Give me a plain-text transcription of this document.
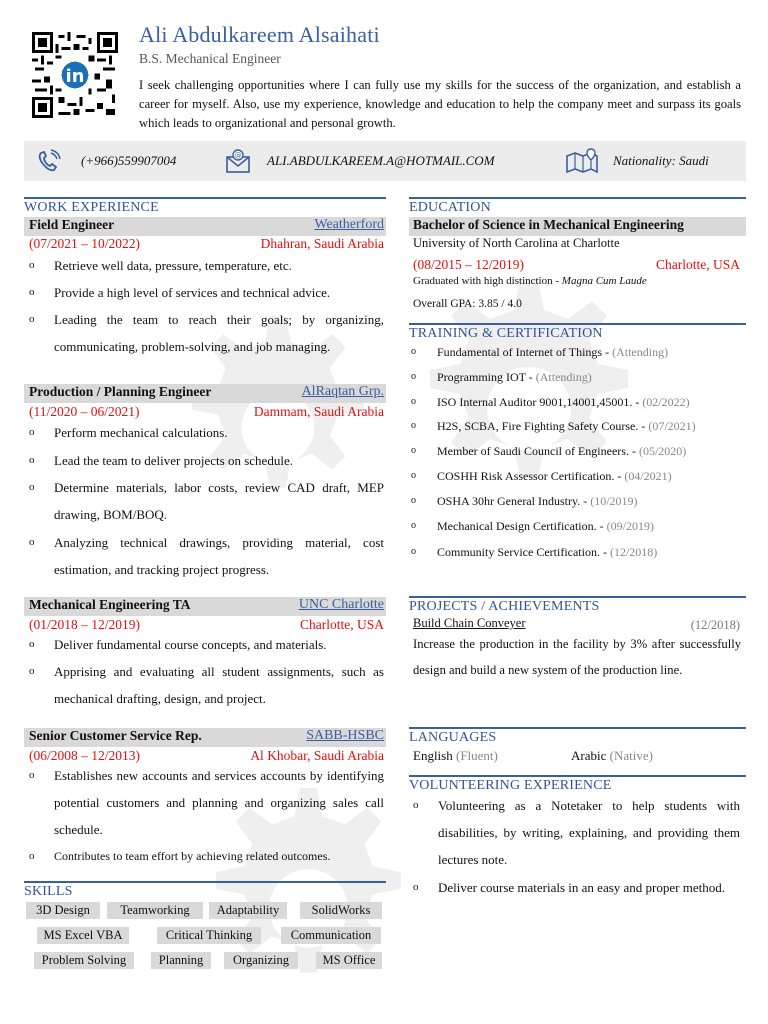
in
Ali Abdulkareem Alsaihati
B.S. Mechanical Engineer
I seek challenging opportunities where I can fully use my skills for the success of the organization, and establish a career for myself. Also, use my experience, knowledge and education to help the company meet and surpass its goals which leads to organizational and personal growth.
(+966)559907004	@ ALI.ABDULKAREEM.A@HOTMAIL.COM	Nationality: Saudi
WORK EXPERIENCE
Field Engineer	Weatherford
(07/2021 – 10/2022)	Dhahran, Saudi Arabia
o	Retrieve well data, pressure, temperature, etc.
o	Provide a high level of services and technical advice.
o	Leading the team to reach their goals; by organizing, communicating, problem-solving, and job managing.
Production / Planning Engineer	AlRaqtan Grp.
(11/2020 – 06/2021)	Dammam, Saudi Arabia
o	Perform mechanical calculations.
o	Lead the team to deliver projects on schedule.
o	Determine materials, labor costs, review CAD draft, MEP drawing, BOM/BOQ.
o	Analyzing technical drawings, providing material, cost estimation, and tracking project progress.
Mechanical Engineering TA	UNC Charlotte
(01/2018 – 12/2019)	Charlotte, USA
o	Deliver fundamental course concepts, and materials.
o	Apprising and evaluating all student assignments, such as mechanical drafting, design, and project.
Senior Customer Service Rep.	SABB-HSBC
(06/2008 – 12/2013)	Al Khobar, Saudi Arabia
o	Establishes new accounts and services accounts by identifying potential customers and planning and organizing sales call schedule.
o	Contributes to team effort by achieving related outcomes.
SKILLS
3D Design	Teamworking	Adaptability	SolidWorks
MS Excel VBA	Critical Thinking	Communication
Problem Solving	Planning	Organizing	MS Office
EDUCATION
Bachelor of Science in Mechanical Engineering
University of North Carolina at Charlotte
(08/2015 – 12/2019)	Charlotte, USA
Graduated with high distinction - Magna Cum Laude
Overall GPA: 3.85 / 4.0
TRAINING & CERTIFICATION
o	Fundamental of Internet of Things - (Attending)
o	Programming IOT - (Attending)
o	ISO Internal Auditor 9001,14001,45001. - (02/2022)
o	H2S, SCBA, Fire Fighting Safety Course. - (07/2021)
o	Member of Saudi Council of Engineers. - (05/2020)
o	COSHH Risk Assessor Certification. - (04/2021)
o	OSHA 30hr General Industry. - (10/2019)
o	Mechanical Design Certification. - (09/2019)
o	Community Service Certification. - (12/2018)
PROJECTS / ACHIEVEMENTS
Build Chain Conveyer	(12/2018)
Increase the production in the facility by 3% after successfully design and build a new system of the production line.
LANGUAGES
English (Fluent)	Arabic (Native)
VOLUNTEERING EXPERIENCE
o	Volunteering as a Notetaker to help students with disabilities, by writing, explaining, and providing them lectures note.
o	Deliver course materials in an easy and proper method.
